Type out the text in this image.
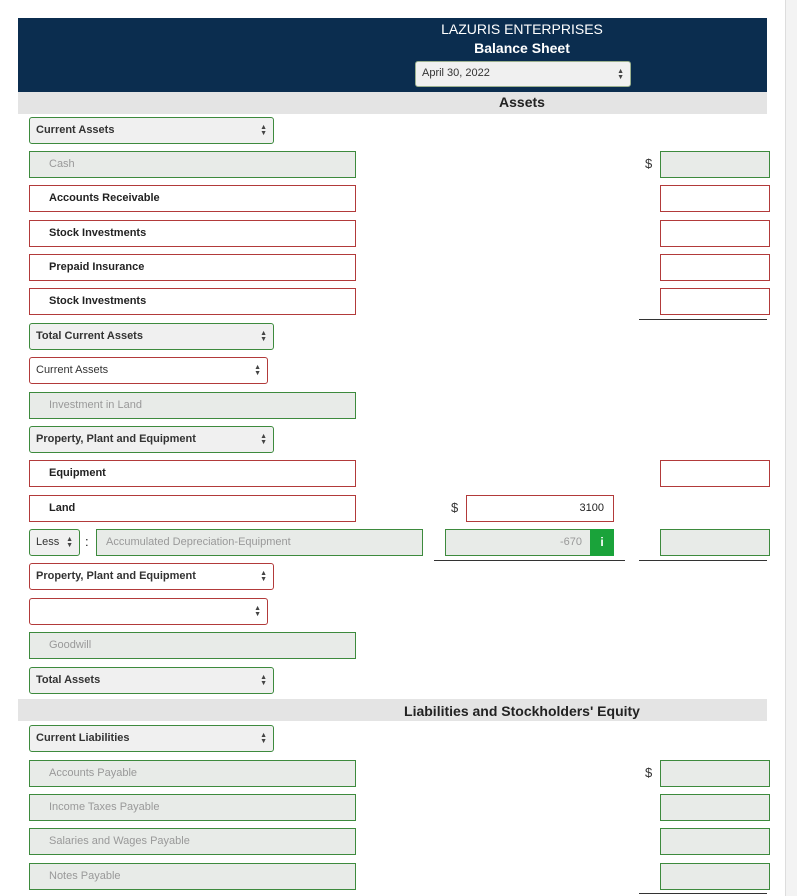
LAZURIS ENTERPRISES
Balance Sheet
April 30, 2022	▲
▼
Assets
Current Assets	▲
▼
Cash	$
Accounts Receivable
Stock Investments
Prepaid Insurance
Stock Investments
Total Current Assets	▲
▼
Current Assets	▲
▼
Investment in Land
Property, Plant and Equipment	▲
▼
Equipment
Land	$	3100
Less ▲
▼ :	Accumulated Depreciation-Equipment	-670	i
Property, Plant and Equipment	▲
▼
▲
▼
Goodwill
Total Assets	▲
▼
Liabilities and Stockholders' Equity
Current Liabilities	▲
▼
Accounts Payable	$
Income Taxes Payable
Salaries and Wages Payable
Notes Payable
